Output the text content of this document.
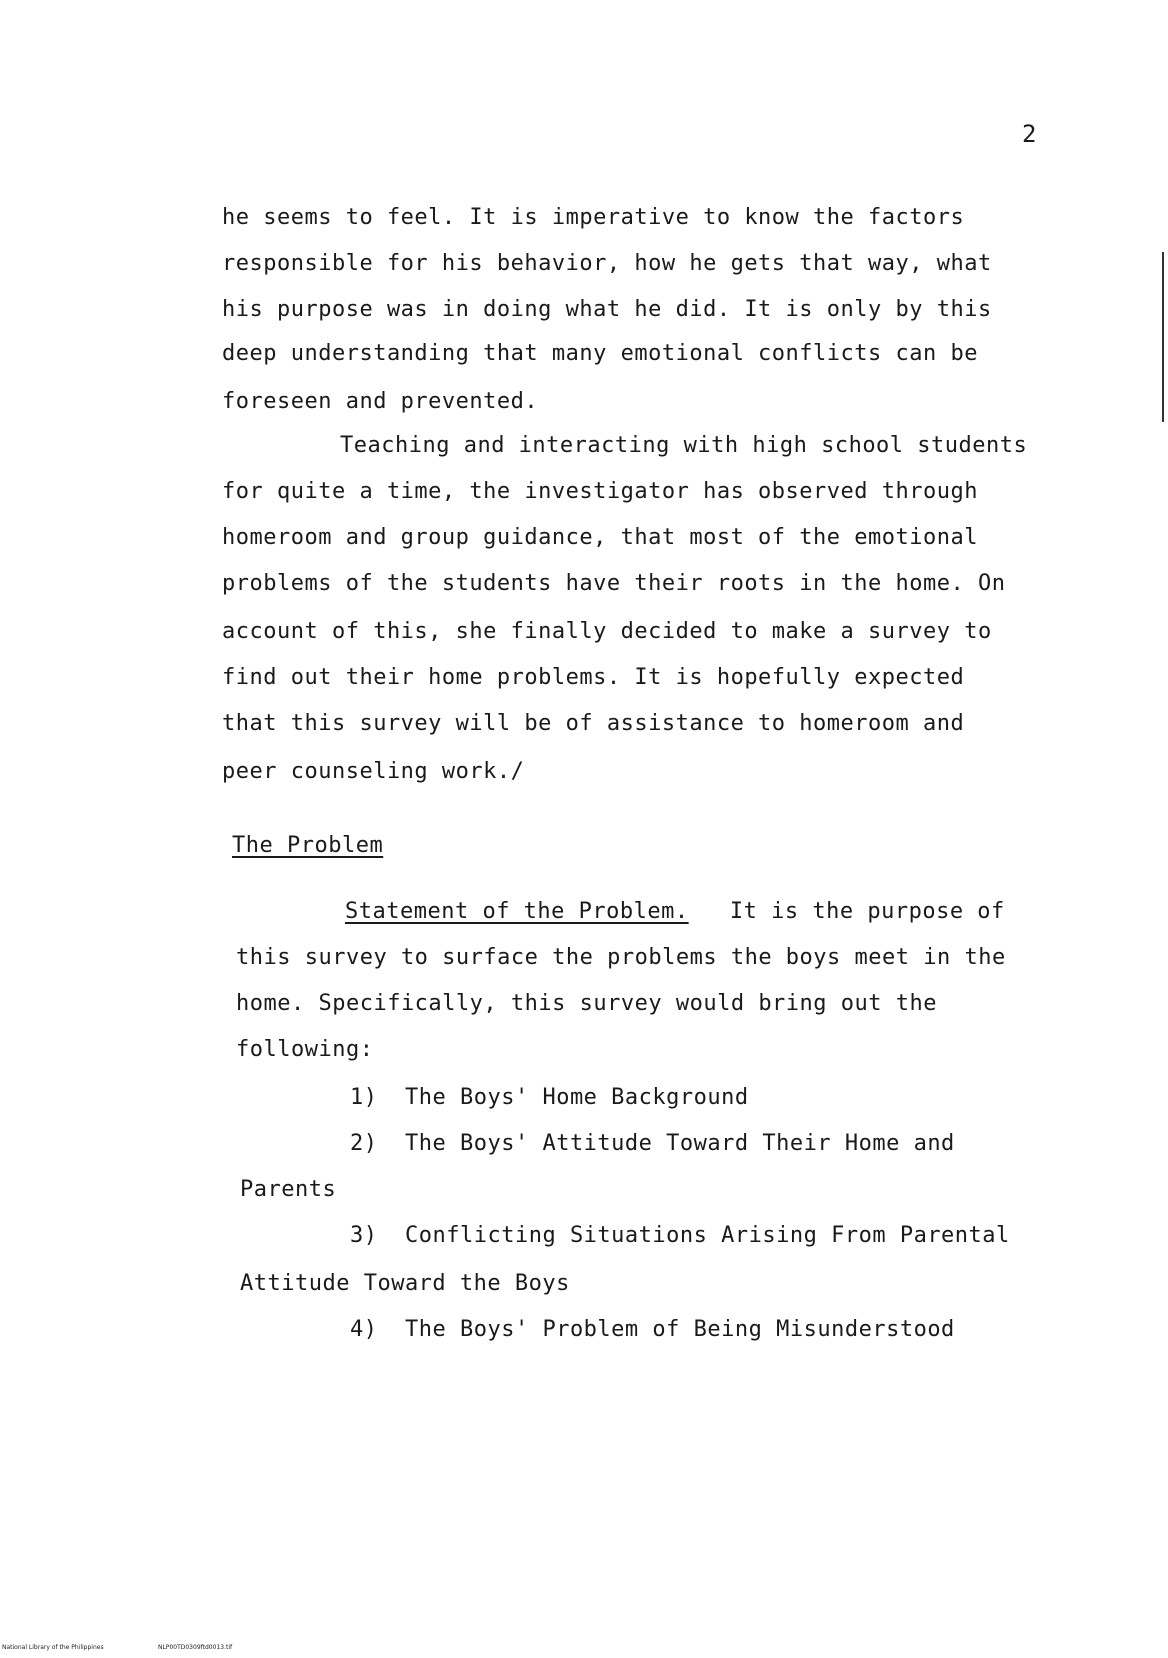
2
he seems to feel. It is imperative to know the factors
responsible for his behavior, how he gets that way, what
his purpose was in doing what he did. It is only by this
deep understanding that many emotional conflicts can be
foreseen and prevented.
Teaching and interacting with high school students
for quite a time, the investigator has observed through
homeroom and group guidance, that most of the emotional
problems of the students have their roots in the home. On
account of this, she finally decided to make a survey to
find out their home problems. It is hopefully expected
that this survey will be of assistance to homeroom and
peer counseling work./
The Problem
Statement of the Problem. It is the purpose of
this survey to surface the problems the boys meet in the
home. Specifically, this survey would bring out the
following:
1) The Boys' Home Background
2) The Boys' Attitude Toward Their Home and
Parents
3) Conflicting Situations Arising From Parental
Attitude Toward the Boys
4) The Boys' Problem of Being Misunderstood
National Library of the Philippines	NLP00TD0309ftd0013.tif
